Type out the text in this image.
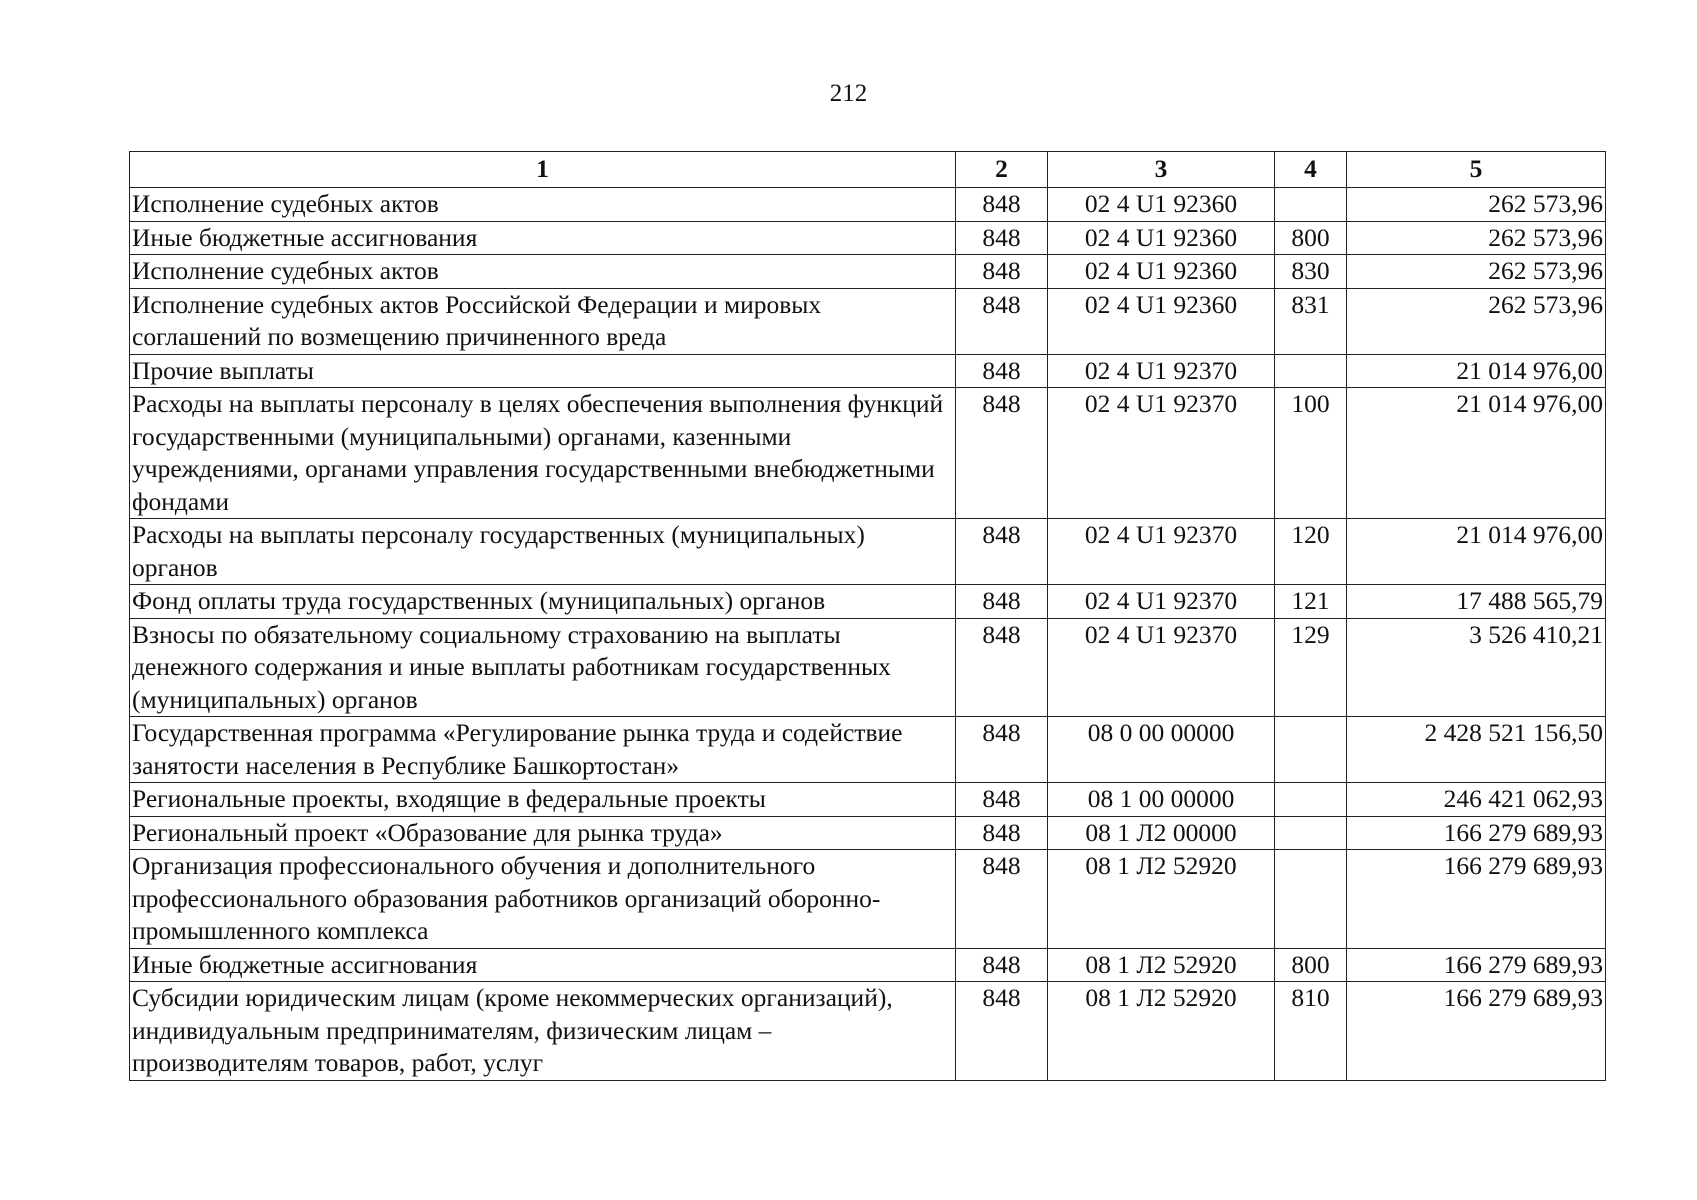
212
1	2	3	4	5
Исполнение судебных актов	848	02 4 U1 92360		262 573,96
Иные бюджетные ассигнования	848	02 4 U1 92360	800	262 573,96
Исполнение судебных актов	848	02 4 U1 92360	830	262 573,96
Исполнение судебных актов Российской Федерации и мировых соглашений по возмещению причиненного вреда	848	02 4 U1 92360	831	262 573,96
Прочие выплаты	848	02 4 U1 92370		21 014 976,00
Расходы на выплаты персоналу в целях обеспечения выполнения функций государственными (муниципальными) органами, казенными учреждениями, органами управления государственными внебюджетными фондами	848	02 4 U1 92370	100	21 014 976,00
Расходы на выплаты персоналу государственных (муниципальных) органов	848	02 4 U1 92370	120	21 014 976,00
Фонд оплаты труда государственных (муниципальных) органов	848	02 4 U1 92370	121	17 488 565,79
Взносы по обязательному социальному страхованию на выплаты денежного содержания и иные выплаты работникам государственных (муниципальных) органов	848	02 4 U1 92370	129	3 526 410,21
Государственная программа «Регулирование рынка труда и содействие занятости населения в Республике Башкортостан»	848	08 0 00 00000		2 428 521 156,50
Региональные проекты, входящие в федеральные проекты	848	08 1 00 00000		246 421 062,93
Региональный проект «Образование для рынка труда»	848	08 1 Л2 00000		166 279 689,93
Организация профессионального обучения и дополнительного профессионального образования работников организаций оборонно-промышленного комплекса	848	08 1 Л2 52920		166 279 689,93
Иные бюджетные ассигнования	848	08 1 Л2 52920	800	166 279 689,93
Субсидии юридическим лицам (кроме некоммерческих организаций), индивидуальным предпринимателям, физическим лицам – производителям товаров, работ, услуг	848	08 1 Л2 52920	810	166 279 689,93
